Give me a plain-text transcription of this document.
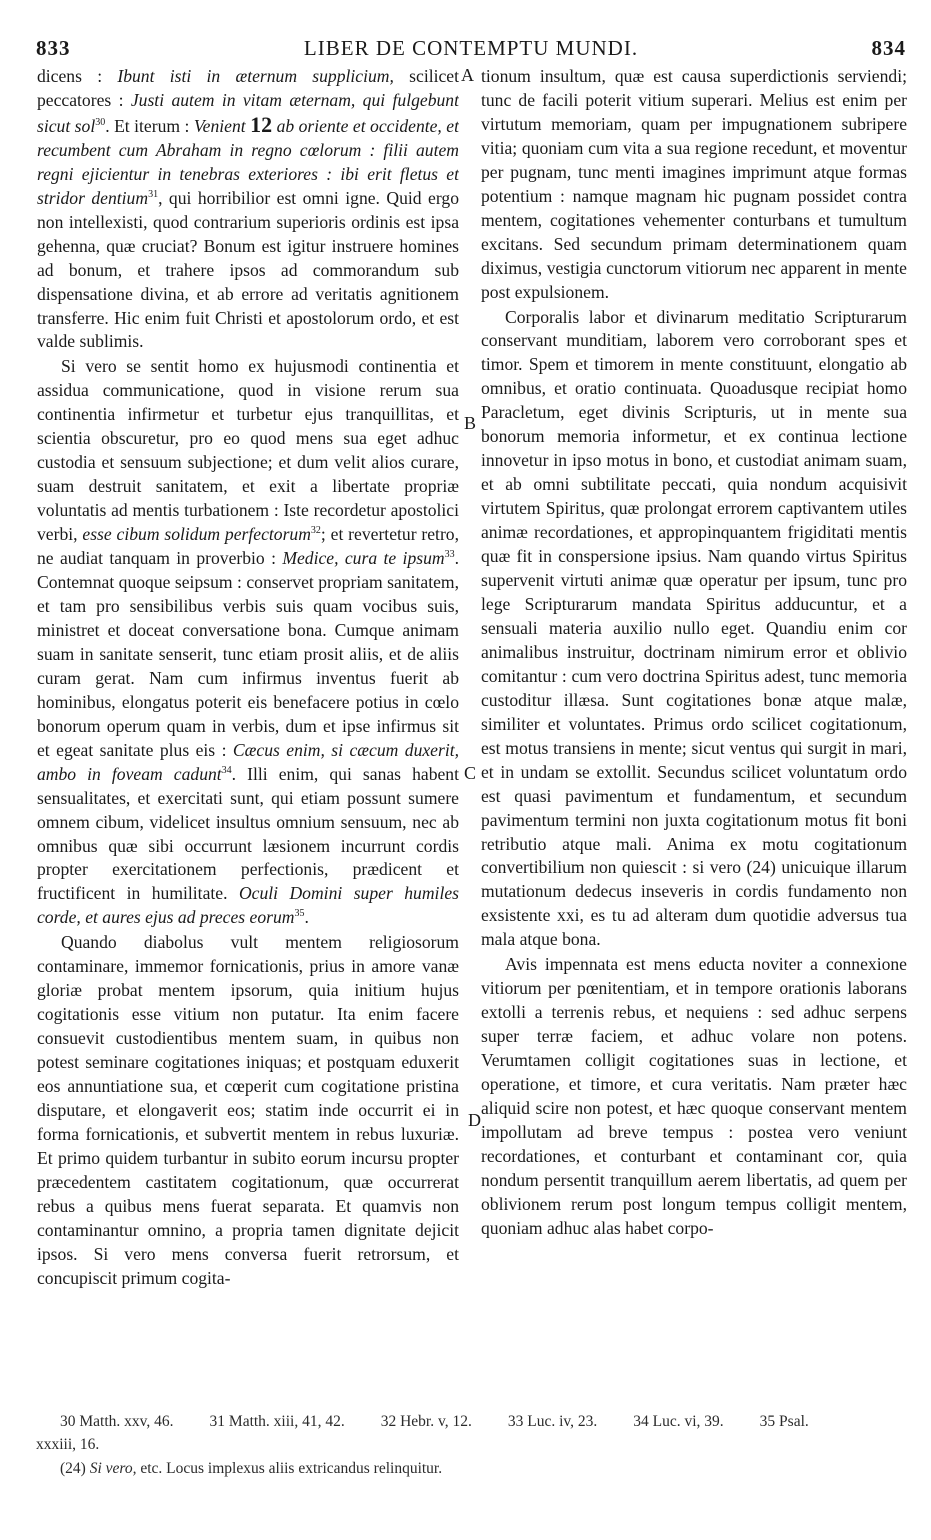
833	LIBER DE CONTEMPTU MUNDI.	834
A
B
C
D

dicens : Ibunt isti in æternum supplicium, scilicet peccatores : Justi autem in vitam æternam, qui fulgebunt sicut sol$^{30}$. Et iterum : Venient 12 ab oriente et occidente, et recumbent cum Abraham in regno cœlorum : filii autem regni ejicientur in tenebras exteriores : ibi erit fletus et stridor dentium$^{31}$, qui horribilior est omni igne. Quid ergo non intellexisti, quod contrarium superioris ordinis est ipsa gehenna, quæ cruciat? Bonum est igitur instruere homines ad bonum, et trahere ipsos ad commorandum sub dispensatione divina, et ab errore ad veritatis agnitionem transferre. Hic enim fuit Christi et apostolorum ordo, et est valde sublimis.

Si vero se sentit homo ex hujusmodi continentia et assidua communicatione, quod in visione rerum sua continentia infirmetur et turbetur ejus tranquillitas, et scientia obscuretur, pro eo quod mens sua eget adhuc custodia et sensuum subjectione; et dum velit alios curare, suam destruit sanitatem, et exit a libertate propriæ voluntatis ad mentis turbationem : Iste recordetur apostolici verbi, esse cibum solidum perfectorum$^{32}$; et revertetur retro, ne audiat tanquam in proverbio : Medice, cura te ipsum$^{33}$. Contemnat quoque seipsum : conservet propriam sanitatem, et tam pro sensibilibus verbis suis quam vocibus suis, ministret et doceat conversatione bona. Cumque animam suam in sanitate senserit, tunc etiam prosit aliis, et de aliis curam gerat. Nam cum infirmus inventus fuerit ab hominibus, elongatus poterit eis benefacere potius in cœlo bonorum operum quam in verbis, dum et ipse infirmus sit et egeat sanitate plus eis : Cæcus enim, si cæcum duxerit, ambo in foveam cadunt$^{34}$. Illi enim, qui sanas habent sensualitates, et exercitati sunt, qui etiam possunt sumere omnem cibum, videlicet insultus omnium sensuum, nec ab omnibus quæ sibi occurrunt læsionem incurrunt cordis propter exercitationem perfectionis, prædicent et fructificent in humilitate. Oculi Domini super humiles corde, et aures ejus ad preces eorum$^{35}$.

Quando diabolus vult mentem religiosorum contaminare, immemor fornicationis, prius in amore vanæ gloriæ probat mentem ipsorum, quia initium hujus cogitationis esse vitium non putatur. Ita enim facere consuevit custodientibus mentem suam, in quibus non potest seminare cogitationes iniquas; et postquam eduxerit eos annuntiatione sua, et cœperit cum cogitatione pristina disputare, et elongaverit eos; statim inde occurrit ei in forma fornicationis, et subvertit mentem in rebus luxuriæ. Et primo quidem turbantur in subito eorum incursu propter præcedentem castitatem cogitationum, quæ occurrerat rebus a quibus mens fuerat separata. Et quamvis non contaminantur omnino, a propria tamen dignitate dejicit ipsos. Si vero mens conversa fuerit retrorsum, et concupiscit primum cogita-

tionum insultum, quæ est causa superdictionis serviendi; tunc de facili poterit vitium superari. Melius est enim per virtutum memoriam, quam per impugnationem subripere vitia; quoniam cum vita a sua regione recedunt, et moventur per pugnam, tunc menti imagines imprimunt atque formas potentium : namque magnam hic pugnam possidet contra mentem, cogitationes vehementer conturbans et tumultum excitans. Sed secundum primam determinationem quam diximus, vestigia cunctorum vitiorum nec apparent in mente post expulsionem.

Corporalis labor et divinarum meditatio Scripturarum conservant munditiam, laborem vero corroborant spes et timor. Spem et timorem in mente constituunt, elongatio ab omnibus, et oratio continuata. Quoadusque recipiat homo Paracletum, eget divinis Scripturis, ut in mente sua bonorum memoria informetur, et ex continua lectione innovetur in ipso motus in bono, et custodiat animam suam, et ab omni subtilitate peccati, quia nondum acquisivit virtutem Spiritus, quæ prolongat errorem captivantem utiles animæ recordationes, et appropinquantem frigiditati mentis quæ fit in conspersione ipsius. Nam quando virtus Spiritus supervenit virtuti animæ quæ operatur per ipsum, tunc pro lege Scripturarum mandata Spiritus adducuntur, et a sensuali materia auxilio nullo eget. Quandiu enim cor animalibus instruitur, doctrinam nimirum error et oblivio comitantur : cum vero doctrina Spiritus adest, tunc memoria custoditur illæsa. Sunt cogitationes bonæ atque malæ, similiter et voluntates. Primus ordo scilicet cogitationum, est motus transiens in mente; sicut ventus qui surgit in mari, et in undam se extollit. Secundus scilicet voluntatum ordo est quasi pavimentum et fundamentum, et secundum pavimentum termini non juxta cogitationum motus fit boni retributio atque mali. Anima ex motu cogitationum convertibilium non quiescit : si vero (24) unicuique illarum mutationum dedecus inseveris in cordis fundamento non exsistente xxi, es tu ad alteram dum quotidie adversus tua mala atque bona.

Avis impennata est mens educta noviter a connexione vitiorum per pœnitentiam, et in tempore orationis laborans extolli a terrenis rebus, et nequiens : sed adhuc serpens super terræ faciem, et adhuc volare non potens. Verumtamen colligit cogitationes suas in lectione, et operatione, et timore, et cura veritatis. Nam præter hæc aliquid scire non potest, et hæc quoque conservant mentem impollutam ad breve tempus : postea vero veniunt recordationes, et conturbant et contaminant cor, quia nondum persentit tranquillum aerem libertatis, ad quem per oblivionem rerum post longum tempus colligit mentem, quoniam adhuc alas habet corpo-

30 Matth. xxv, 46. 31 Matth. xiii, 41, 42. 32 Hebr. v, 12. 33 Luc. iv, 23. 34 Luc. vi, 39. 35 Psal.
xxxiii, 16.
(24) Si vero, etc. Locus implexus aliis extricandus relinquitur.
